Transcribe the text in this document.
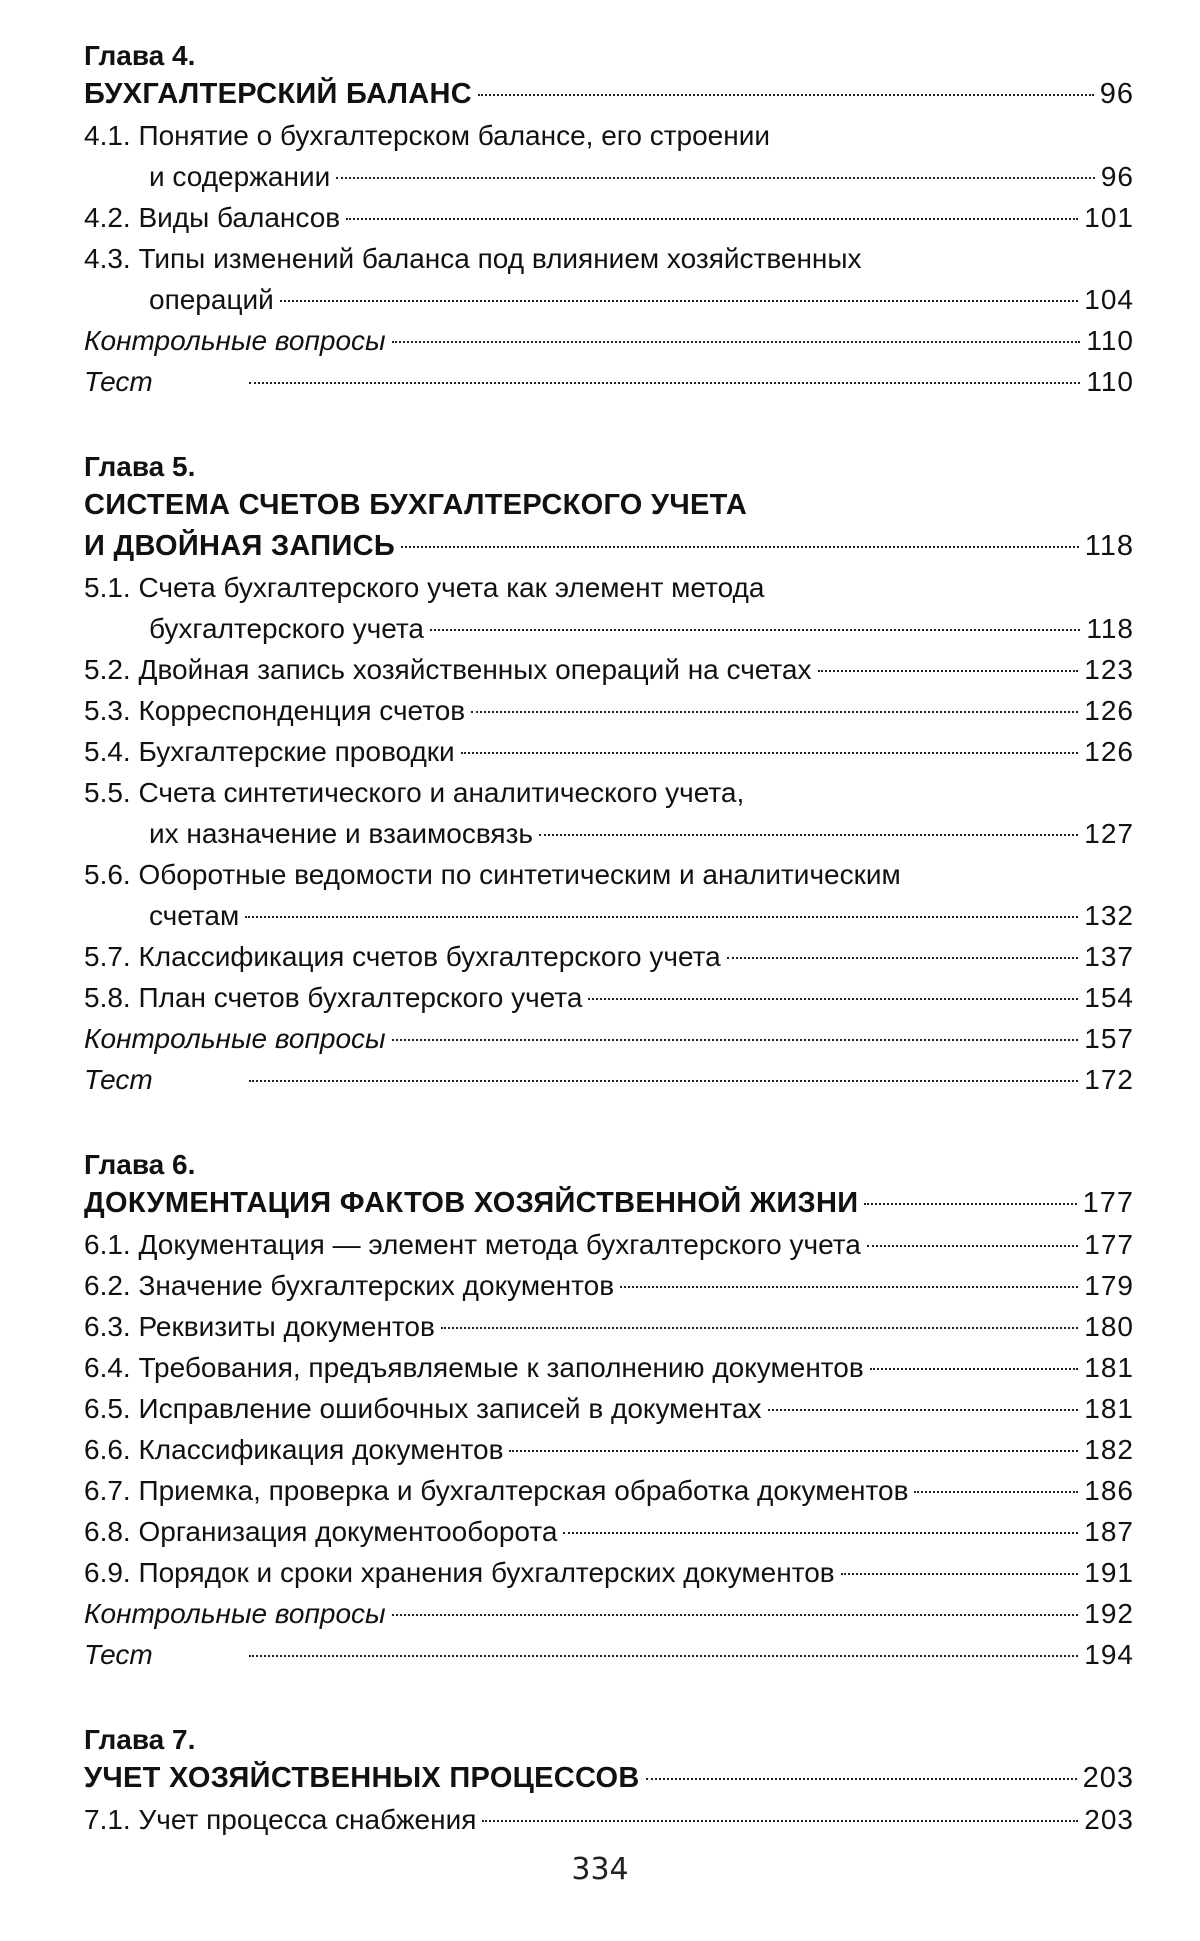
Глава 4.
БУХГАЛТЕРСКИЙ БАЛАНС	96
4.1. Понятие о бухгалтерском балансе, его строении
и содержании	96
4.2. Виды балансов	101
4.3. Типы изменений баланса под влиянием хозяйственных
операций	104
Контрольные вопросы	110
Тест	110
Глава 5.
СИСТЕМА СЧЕТОВ БУХГАЛТЕРСКОГО УЧЕТА
И ДВОЙНАЯ ЗАПИСЬ	118
5.1. Счета бухгалтерского учета как элемент метода
бухгалтерского учета	118
5.2. Двойная запись хозяйственных операций на счетах	123
5.3. Корреспонденция счетов	126
5.4. Бухгалтерские проводки	126
5.5. Счета синтетического и аналитического учета,
их назначение и взаимосвязь	127
5.6. Оборотные ведомости по синтетическим и аналитическим
счетам	132
5.7. Классификация счетов бухгалтерского учета	137
5.8. План счетов бухгалтерского учета	154
Контрольные вопросы	157
Тест	172
Глава 6.
ДОКУМЕНТАЦИЯ ФАКТОВ ХОЗЯЙСТВЕННОЙ ЖИЗНИ	177
6.1. Документация — элемент метода бухгалтерского учета	177
6.2. Значение бухгалтерских документов	179
6.3. Реквизиты документов	180
6.4. Требования, предъявляемые к заполнению документов	181
6.5. Исправление ошибочных записей в документах	181
6.6. Классификация документов	182
6.7. Приемка, проверка и бухгалтерская обработка документов	186
6.8. Организация документооборота	187
6.9. Порядок и сроки хранения бухгалтерских документов	191
Контрольные вопросы	192
Тест	194
Глава 7.
УЧЕТ ХОЗЯЙСТВЕННЫХ ПРОЦЕССОВ	203
7.1. Учет процесса снабжения	203
334
